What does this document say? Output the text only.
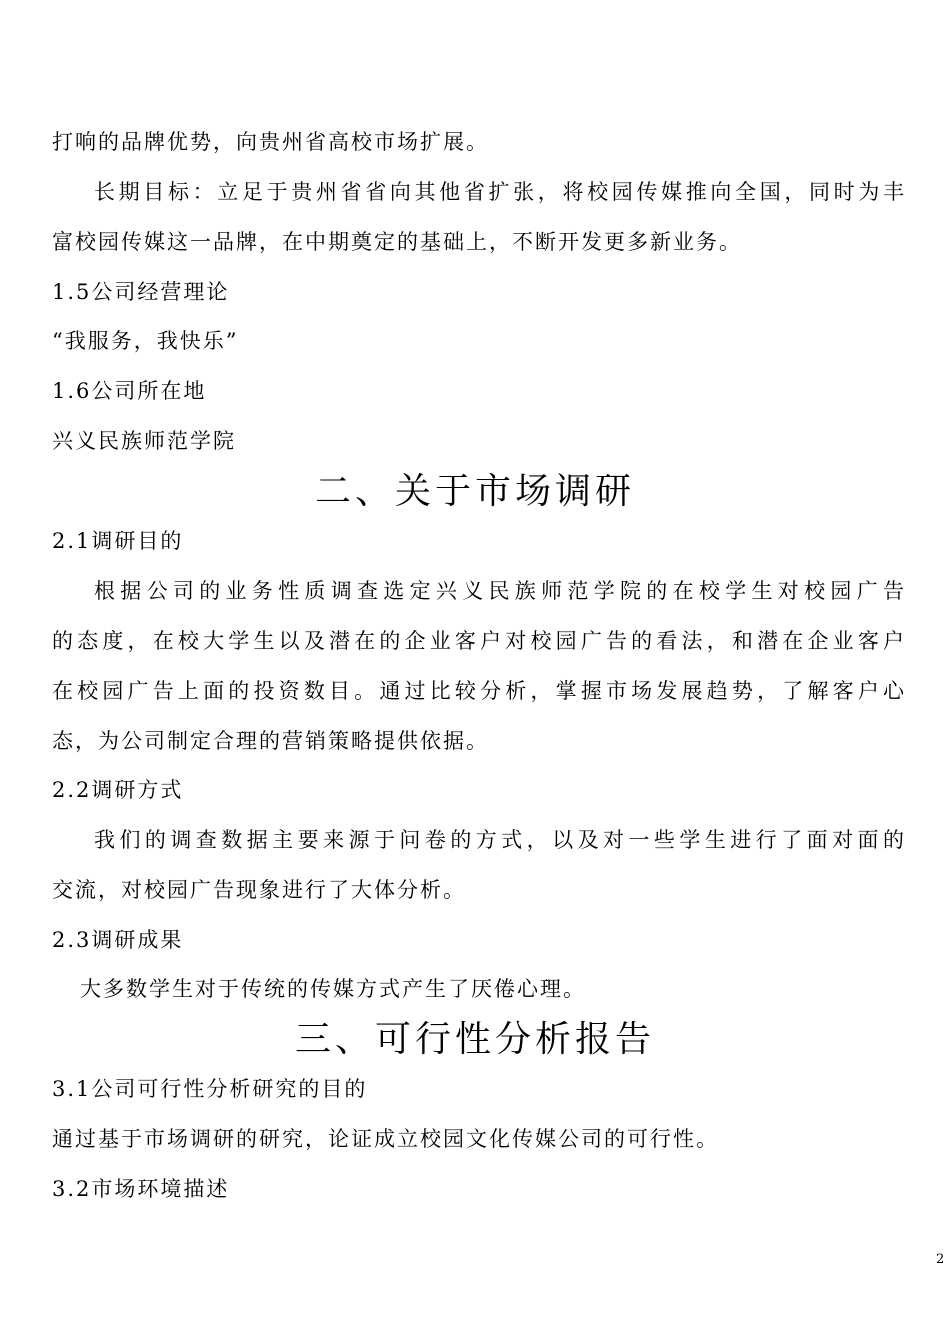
打响的品牌优势，向贵州省高校市场扩展。
长期目标：立足于贵州省省向其他省扩张，将校园传媒推向全国，同时为丰
富校园传媒这一品牌，在中期奠定的基础上，不断开发更多新业务。
1.5公司经营理论
“我服务，我快乐”
1.6公司所在地
兴义民族师范学院
二、关于市场调研
2.1调研目的
根据公司的业务性质调查选定兴义民族师范学院的在校学生对校园广告
的态度，在校大学生以及潜在的企业客户对校园广告的看法，和潜在企业客户
在校园广告上面的投资数目。通过比较分析，掌握市场发展趋势，了解客户心
态，为公司制定合理的营销策略提供依据。
2.2调研方式
我们的调查数据主要来源于问卷的方式，以及对一些学生进行了面对面的
交流，对校园广告现象进行了大体分析。
2.3调研成果
大多数学生对于传统的传媒方式产生了厌倦心理。
三、可行性分析报告
3.1公司可行性分析研究的目的
通过基于市场调研的研究，论证成立校园文化传媒公司的可行性。
3.2市场环境描述
2
